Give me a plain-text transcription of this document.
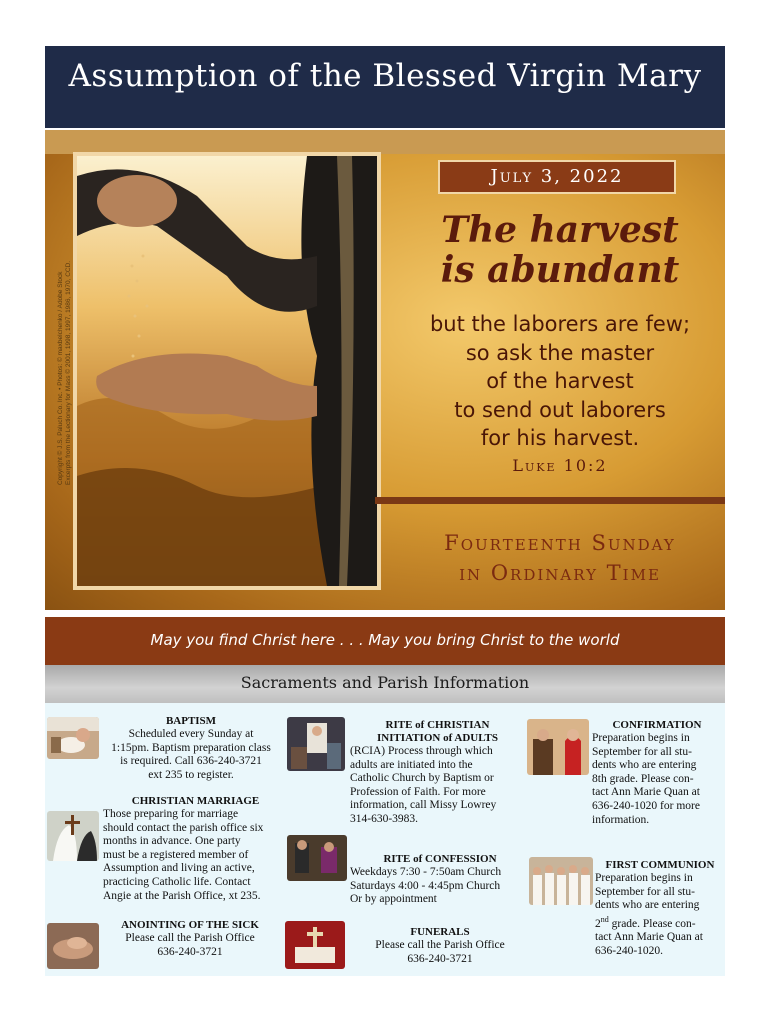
Assumption of the Blessed Virgin Mary
Copyright © J.S. Paluch Co. Inc. • Photos: © maxbelchenko / Adobe Stock Excerpts from the Lectionary for Mass © 2001, 1998, 1997, 1986, 1970, CCD.
July 3, 2022
The harvest
is abundant
but the laborers are few;
so ask the master
of the harvest
to send out laborers
for his harvest.
Luke 10:2
Fourteenth Sunday
in Ordinary Time
May you find Christ here . . . May you bring Christ to the world
Sacraments and Parish Information
BAPTISM
Scheduled every Sunday at
1:15pm. Baptism preparation class
is required. Call 636-240-3721
ext 235 to register.
CHRISTIAN MARRIAGE
Those preparing for marriage
should contact the parish office six
months in advance. One party
must be a registered member of
Assumption and living an active,
practicing Catholic life. Contact
Angie at the Parish Office, xt 235.
ANOINTING OF THE SICK
Please call the Parish Office
636-240-3721
RITE of CHRISTIAN
INITIATION of ADULTS
(RCIA) Process through which
adults are initiated into the
Catholic Church by Baptism or
Profession of Faith. For more
information, call Missy Lowrey
314-630-3983.
RITE of CONFESSION
Weekdays 7:30 - 7:50am Church
Saturdays 4:00 - 4:45pm Church
Or by appointment
FUNERALS
Please call the Parish Office
636-240-3721
CONFIRMATION
Preparation begins in
September for all stu-
dents who are entering
8th grade. Please con-
tact Ann Marie Quan at
636-240-1020 for more
information.
FIRST COMMUNION
Preparation begins in
September for all stu-
dents who are entering
2nd grade. Please con-
tact Ann Marie Quan at
636-240-1020.
